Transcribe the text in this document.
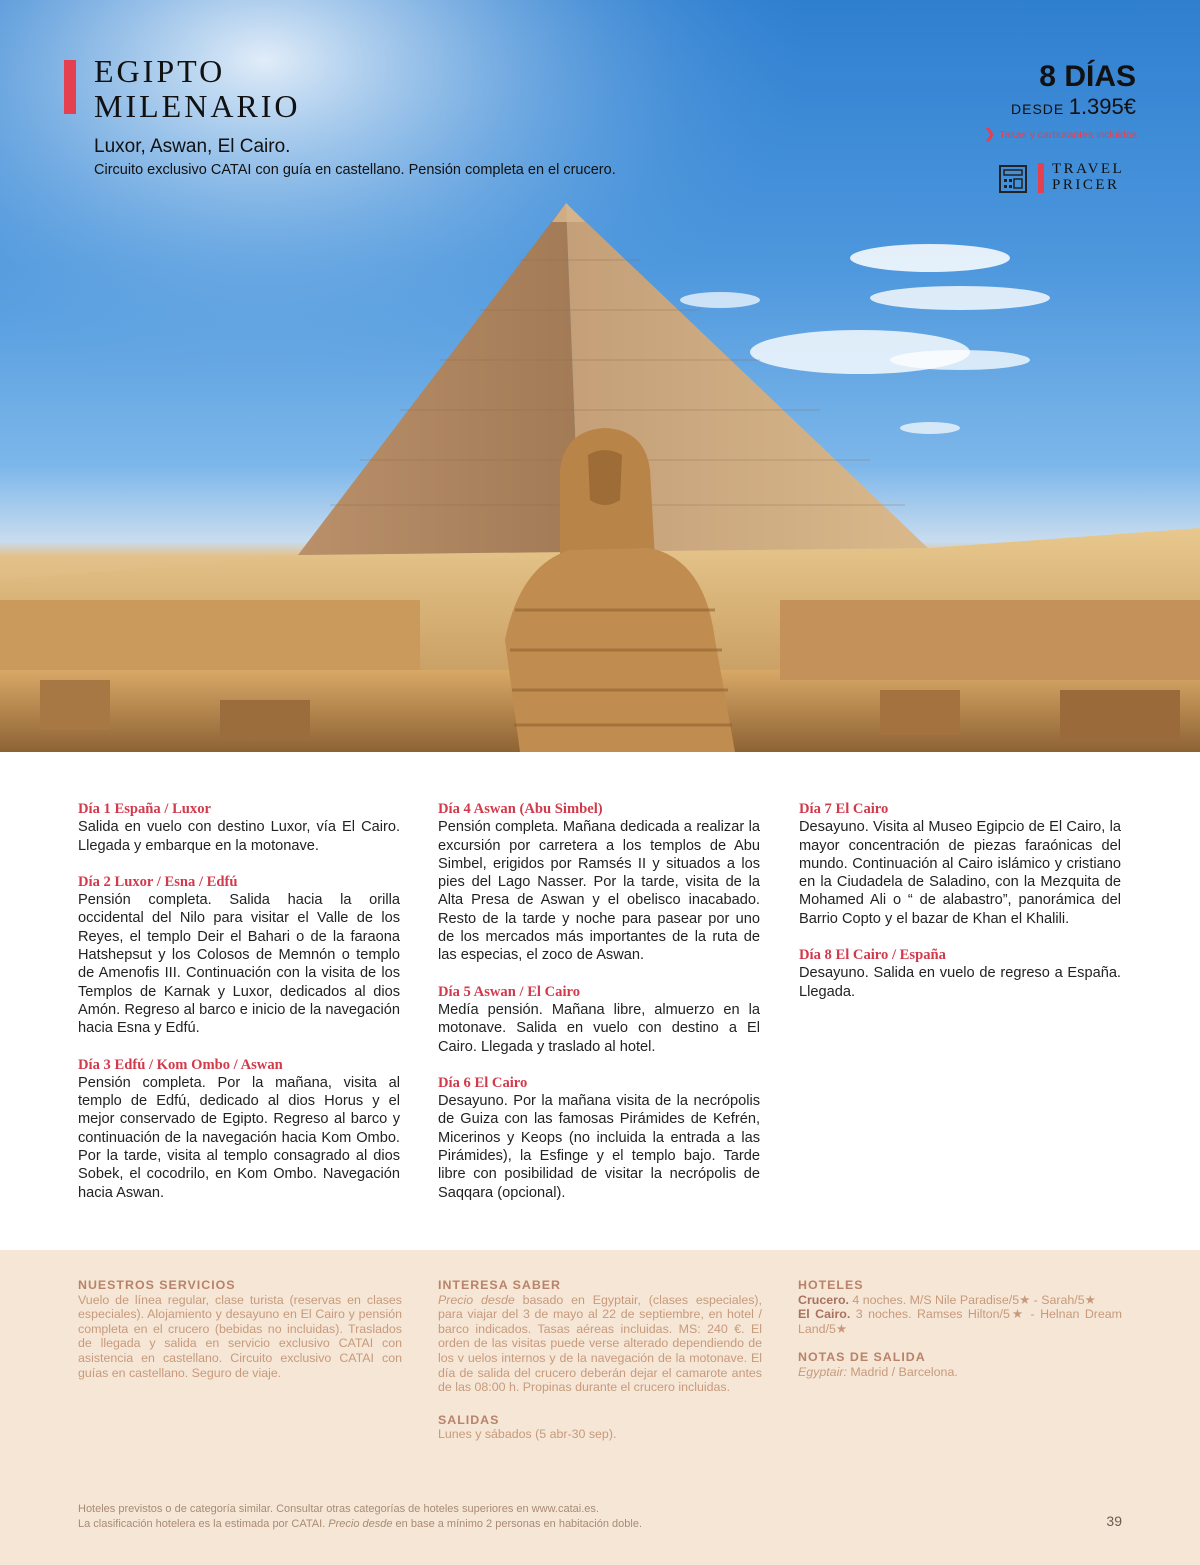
EGIPTO
MILENARIO
Luxor, Aswan, El Cairo.
Circuito exclusivo CATAI con guía en castellano. Pensión completa en el crucero.
8 DÍAS
DESDE 1.395€
❯ Tasas y carburantes incluidos
TRAVEL
PRICER

Día 1 España / Luxor

Salida en vuelo con destino Luxor, vía El Cairo. Llegada y embarque en la motonave.

Día 2 Luxor / Esna / Edfú

Pensión completa. Salida hacia la orilla occidental del Nilo para visitar el Valle de los Reyes, el templo Deir el Bahari o de la faraona Hatshepsut y los Colosos de Memnón o templo de Amenofis III. Continuación con la visita de los Templos de Karnak y Luxor, dedicados al dios Amón. Regreso al barco e inicio de la navegación hacia Esna y Edfú.

Día 3 Edfú / Kom Ombo / Aswan

Pensión completa. Por la mañana, visita al templo de Edfú, dedicado al dios Horus y el mejor conservado de Egipto. Regreso al barco y continuación de la navegación hacia Kom Ombo. Por la tarde, visita al templo consagrado al dios Sobek, el cocodrilo, en Kom Ombo. Navegación hacia Aswan.

Día 4 Aswan (Abu Simbel)

Pensión completa. Mañana dedicada a realizar la excursión por carretera a los templos de Abu Simbel, erigidos por Ramsés II y situados a los pies del Lago Nasser. Por la tarde, visita de la Alta Presa de Aswan y el obelisco inacabado. Resto de la tarde y noche para pasear por uno de los mercados más importantes de la ruta de las especias, el zoco de Aswan.

Día 5 Aswan / El Cairo

Medía pensión. Mañana libre, almuerzo en la motonave. Salida en vuelo con destino a El Cairo. Llegada y traslado al hotel.

Día 6 El Cairo

Desayuno. Por la mañana visita de la necrópolis de Guiza con las famosas Pirámides de Kefrén, Micerinos y Keops (no incluida la entrada a las Pirámides), la Esfinge y el templo bajo. Tarde libre con posibilidad de visitar la necrópolis de Saqqara (opcional).

Día 7 El Cairo

Desayuno. Visita al Museo Egipcio de El Cairo, la mayor concentración de piezas faraónicas del mundo. Continuación al Cairo islámico y cristiano en la Ciudadela de Saladino, con la Mezquita de Mohamed Ali o “ de alabastro”, panorámica del Barrio Copto y el bazar de Khan el Khalili.

Día 8 El Cairo / España

Desayuno. Salida en vuelo de regreso a España. Llegada.

NUESTROS SERVICIOS

Vuelo de línea regular, clase turista (reservas en clases especiales). Alojamiento y desayuno en El Cairo y pensión completa en el crucero (bebidas no incluidas). Traslados de llegada y salida en servicio exclusivo CATAI con asistencia en castellano. Circuito exclusivo CATAI con guías en castellano. Seguro de viaje.

INTERESA SABER

Precio desde basado en Egyptair, (clases especiales), para viajar del 3 de mayo al 22 de septiembre, en hotel / barco indicados. Tasas aéreas incluidas. MS: 240 €. El orden de las visitas puede verse alterado dependiendo de los v uelos internos y de la navegación de la motonave. El día de salida del crucero deberán dejar el camarote antes de las 08:00 h. Propinas durante el crucero incluidas.

SALIDAS

Lunes y sábados (5 abr-30 sep).

HOTELES

Crucero. 4 noches. M/S Nile Paradise/5★ - Sarah/5★

El Cairo. 3 noches. Ramses Hilton/5★ - Helnan Dream Land/5★

NOTAS DE SALIDA

Egyptair: Madrid / Barcelona.

Hoteles previstos o de categoría similar. Consultar otras categorías de hoteles superiores en www.catai.es.
La clasificación hotelera es la estimada por CATAI. Precio desde en base a mínimo 2 personas en habitación doble.	39
